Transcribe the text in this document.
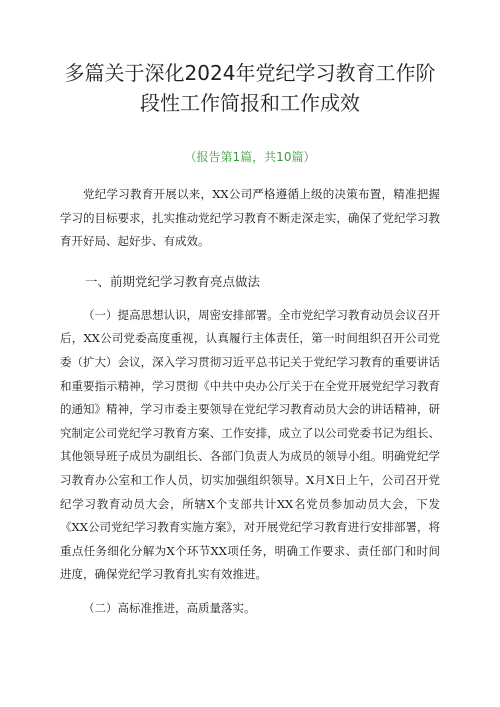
多篇关于深化2024年党纪学习教育工作阶
段性工作简报和工作成效

（报告第1篇，共10篇）

党纪学习教育开展以来，XX公司严格遵循上级的决策布置，精准把握学习的目标要求，扎实推动党纪学习教育不断走深走实，确保了党纪学习教育开好局、起好步、有成效。

一、前期党纪学习教育亮点做法

（一）提高思想认识，周密安排部署。全市党纪学习教育动员会议召开后，XX公司党委高度重视，认真履行主体责任，第一时间组织召开公司党委（扩大）会议，深入学习贯彻习近平总书记关于党纪学习教育的重要讲话和重要指示精神，学习贯彻《中共中央办公厅关于在全党开展党纪学习教育的通知》精神，学习市委主要领导在党纪学习教育动员大会的讲话精神，研究制定公司党纪学习教育方案、工作安排，成立了以公司党委书记为组长、其他领导班子成员为副组长、各部门负责人为成员的领导小组。明确党纪学习教育办公室和工作人员，切实加强组织领导。X月X日上午，公司召开党纪学习教育动员大会，所辖X个支部共计XX名党员参加动员大会，下发《XX公司党纪学习教育实施方案》，对开展党纪学习教育进行安排部署，将重点任务细化分解为X个环节XX项任务，明确工作要求、责任部门和时间进度，确保党纪学习教育扎实有效推进。

（二）高标准推进，高质量落实。
